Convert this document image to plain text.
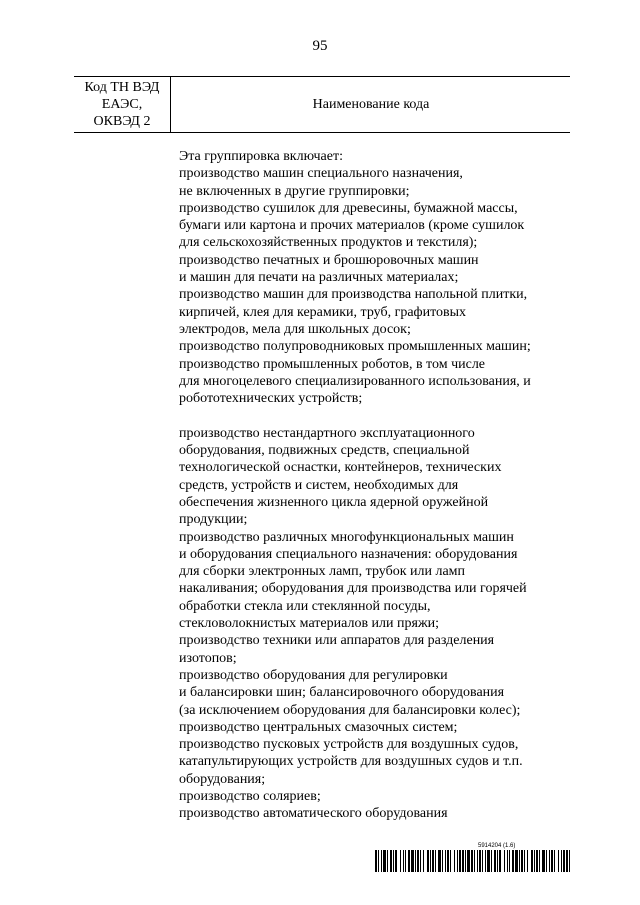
95
Код ТН ВЭД
ЕАЭС,
ОКВЭД 2
Наименование кода
Эта группировка включает:
производство машин специального назначения,
не включенных в другие группировки;
производство сушилок для древесины, бумажной массы,
бумаги или картона и прочих материалов (кроме сушилок
для сельскохозяйственных продуктов и текстиля);
производство печатных и брошюровочных машин
и машин для печати на различных материалах;
производство машин для производства напольной плитки,
кирпичей, клея для керамики, труб, графитовых
электродов, мела для школьных досок;
производство полупроводниковых промышленных машин;
производство промышленных роботов, в том числе
для многоцелевого специализированного использования, и
робототехнических устройств;
производство нестандартного эксплуатационного
оборудования, подвижных средств, специальной
технологической оснастки, контейнеров, технических
средств, устройств и систем, необходимых для
обеспечения жизненного цикла ядерной оружейной
продукции;
производство различных многофункциональных машин
и оборудования специального назначения: оборудования
для сборки электронных ламп, трубок или ламп
накаливания; оборудования для производства или горячей
обработки стекла или стеклянной посуды,
стекловолокнистых материалов или пряжи;
производство техники или аппаратов для разделения
изотопов;
производство оборудования для регулировки
и балансировки шин; балансировочного оборудования
(за исключением оборудования для балансировки колес);
производство центральных смазочных систем;
производство пусковых устройств для воздушных судов,
катапультирующих устройств для воздушных судов и т.п.
оборудования;
производство соляриев;
производство автоматического оборудования
5914204 (1.6)
